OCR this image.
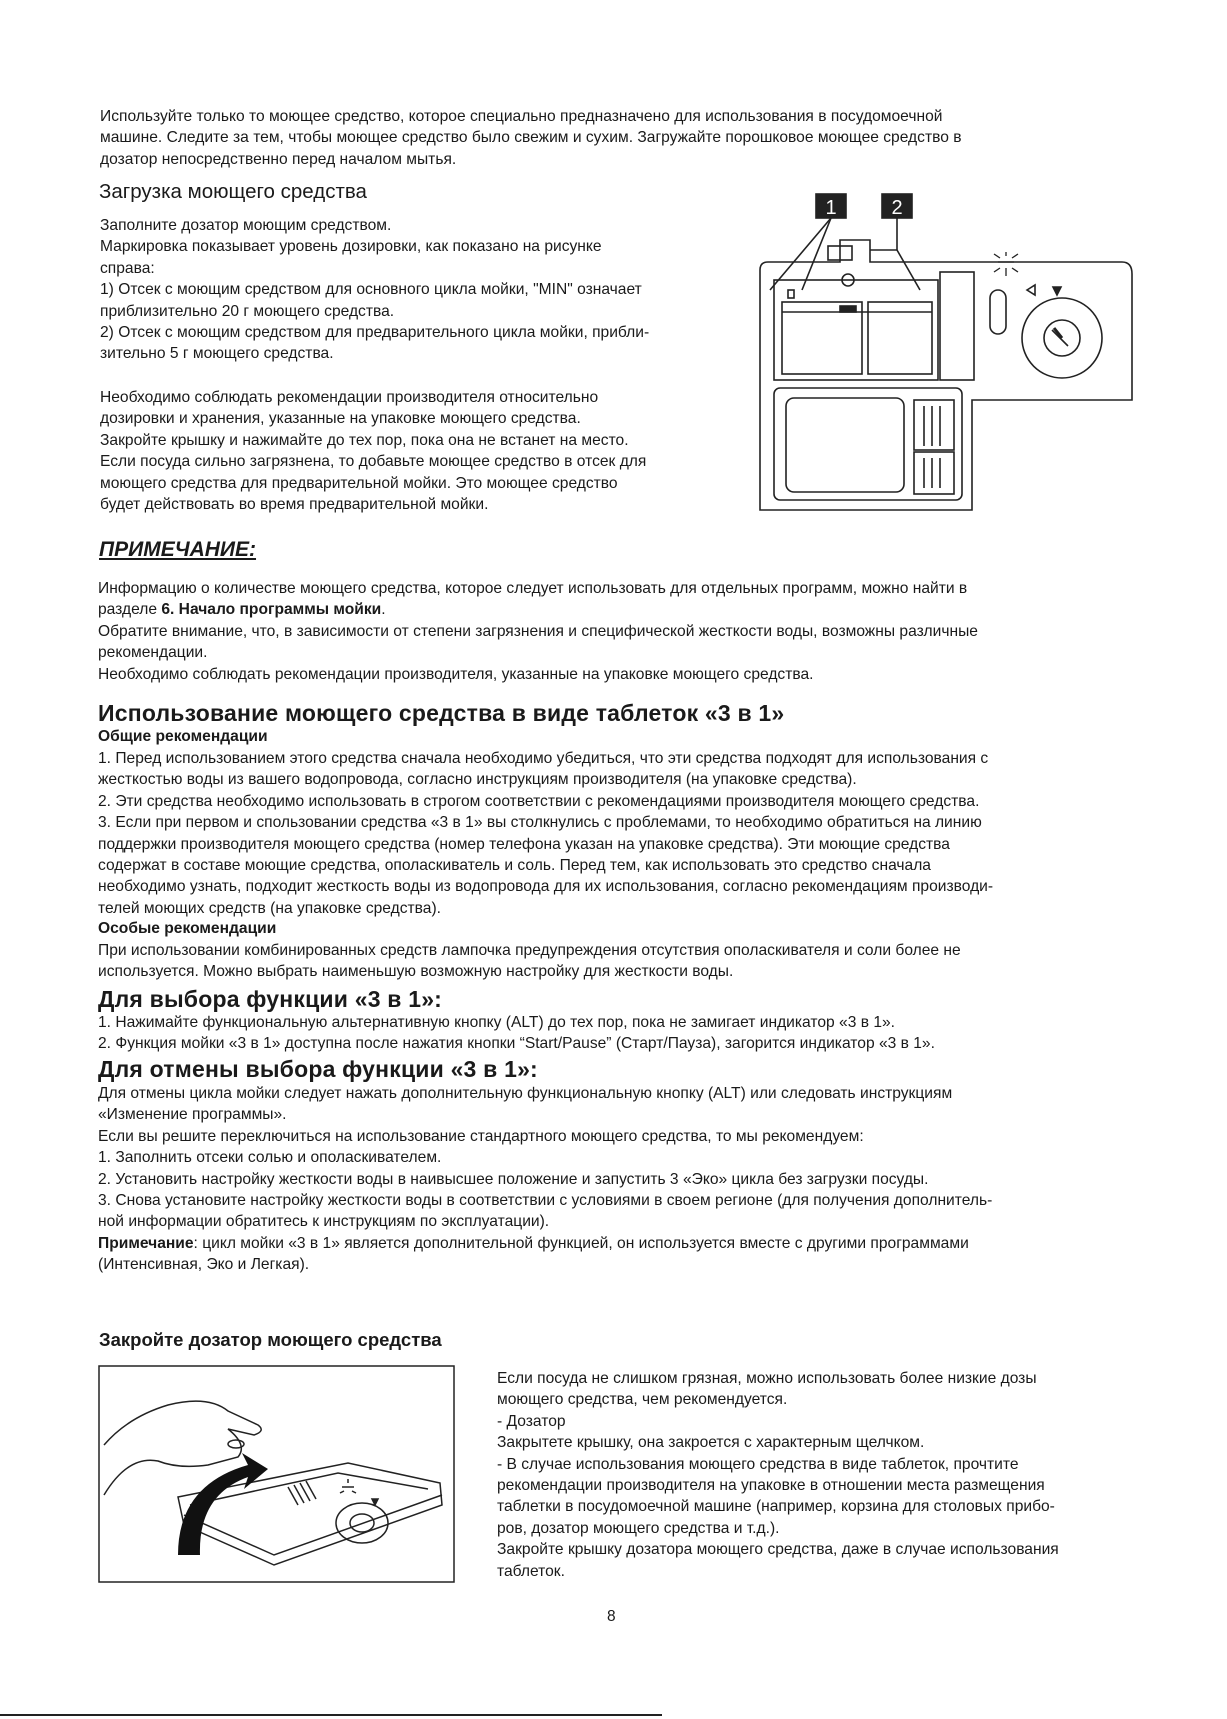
Используйте только то моющее средство, которое специально предназначено для использования в посудомоечной

машине. Следите за тем, чтобы моющее средство было свежим и сухим. Загружайте порошковое моющее средство в

дозатор непосредственно перед началом мытья.

Загрузка моющего средства

Заполните дозатор моющим средством.

Маркировка показывает уровень дозировки, как показано на рисунке

справа:

1) Отсек с моющим средством для основного цикла мойки, "MIN" означает

приблизительно 20 г моющего средства.

2) Отсек с моющим средством для предварительного цикла мойки, прибли-

зительно 5 г моющего средства.

Необходимо соблюдать рекомендации производителя относительно

дозировки и хранения, указанные на упаковке моющего средства.

Закройте крышку и нажимайте до тех пор, пока она не встанет на место.

Если посуда сильно загрязнена, то добавьте моющее средство в отсек для

моющего средства для предварительной мойки. Это моющее средство

будет действовать во время предварительной мойки.

1	2
ПРИМЕЧАНИЕ:

Информацию о количестве моющего средства, которое следует использовать для отдельных программ, можно найти в

разделе 6. Начало программы мойки.

Обратите внимание, что, в зависимости от степени загрязнения и специфической жесткости воды, возможны различные

рекомендации.

Необходимо соблюдать рекомендации производителя, указанные на упаковке моющего средства.

Использование моющего средства в виде таблеток «3 в 1»
Общие рекомендации

1. Перед использованием этого средства сначала необходимо убедиться, что эти средства подходят для использования с

жесткостью воды из вашего водопровода, согласно инструкциям производителя (на упаковке средства).

2. Эти средства необходимо использовать в строгом соответствии с рекомендациями производителя моющего средства.

3. Если при первом и спользовании средства «3 в 1» вы столкнулись с проблемами, то необходимо обратиться на линию

поддержки производителя моющего средства (номер телефона указан на упаковке средства). Эти моющие средства

содержат в составе моющие средства, ополаскиватель и соль. Перед тем, как использовать это средство сначала

необходимо узнать, подходит жесткость воды из водопровода для их использования, согласно рекомендациям производи-

телей моющих средств (на упаковке средства).

Особые рекомендации

При использовании комбинированных средств лампочка предупреждения отсутствия ополаскивателя и соли более не

используется. Можно выбрать наименьшую возможную настройку для жесткости воды.

Для выбора функции «3 в 1»:

1. Нажимайте функциональную альтернативную кнопку (ALT) до тех пор, пока не замигает индикатор «3 в 1».

2. Функция мойки «3 в 1» доступна после нажатия кнопки “Start/Pause” (Старт/Пауза), загорится индикатор «3 в 1».

Для отмены выбора функции «3 в 1»:

Для отмены цикла мойки следует нажать дополнительную функциональную кнопку (ALT) или следовать инструкциям

«Изменение программы».

Если вы решите переключиться на использование стандартного моющего средства, то мы рекомендуем:

1. Заполнить отсеки солью и ополаскивателем.

2. Установить настройку жесткости воды в наивысшее положение и запустить 3 «Эко» цикла без загрузки посуды.

3. Снова установите настройку жесткости воды в соответствии с условиями в своем регионе (для получения дополнитель-

ной информации обратитесь к инструкциям по эксплуатации).

Примечание: цикл мойки «3 в 1» является дополнительной функцией, он используется вместе с другими программами

(Интенсивная, Эко и Легкая).

Закройте дозатор моющего средства

Если посуда не слишком грязная, можно использовать более низкие дозы

моющего средства, чем рекомендуется.

- Дозатор

Закрытете крышку, она закроется с характерным щелчком.

- В случае использования моющего средства в виде таблеток, прочтите

рекомендации производителя на упаковке в отношении места размещения

таблетки в посудомоечной машине (например, корзина для столовых прибо-

ров, дозатор моющего средства и т.д.).

Закройте крышку дозатора моющего средства, даже в случае использования

таблеток.

8
